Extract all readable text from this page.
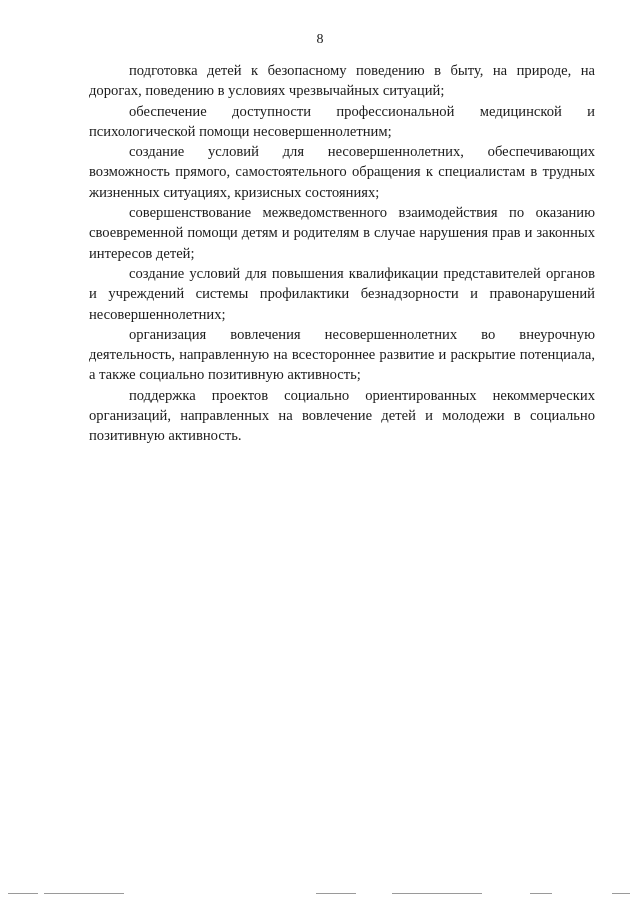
8

подготовка детей к безопасному поведению в быту, на природе, на дорогах, поведению в условиях чрезвычайных ситуаций;

обеспечение доступности профессиональной медицинской и психологической помощи несовершеннолетним;

создание условий для несовершеннолетних, обеспечивающих возможность прямого, самостоятельного обращения к специалистам в трудных жизненных ситуациях, кризисных состояниях;

совершенствование межведомственного взаимодействия по оказанию своевременной помощи детям и родителям в случае нарушения прав и законных интересов детей;

создание условий для повышения квалификации представителей органов и учреждений системы профилактики безнадзорности и правонарушений несовершеннолетних;

организация вовлечения несовершеннолетних во внеурочную деятельность, направленную на всестороннее развитие и раскрытие потенциала, а также социально позитивную активность;

поддержка проектов социально ориентированных некоммерческих организаций, направленных на вовлечение детей и молодежи в социально позитивную активность.
